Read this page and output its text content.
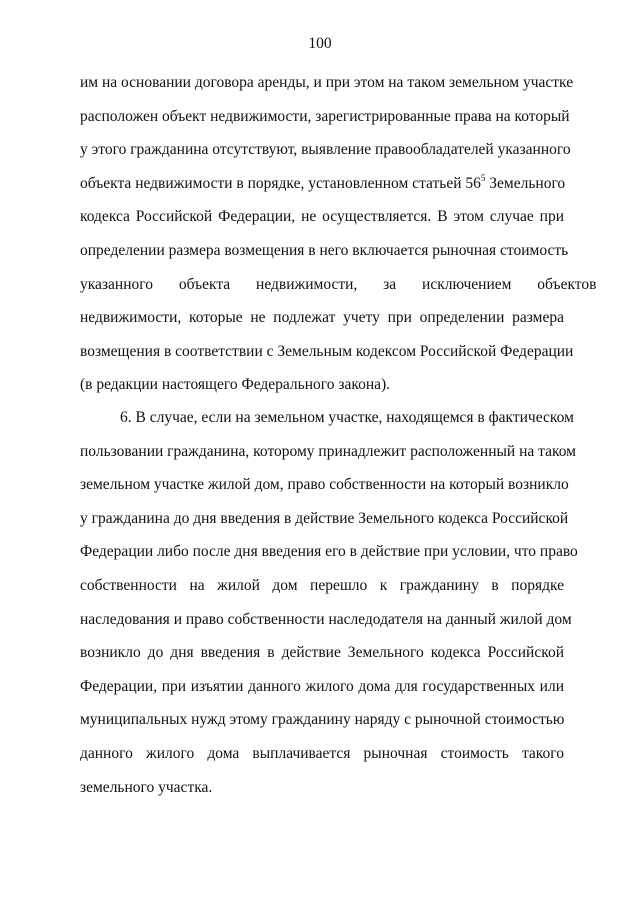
100
им на основании договора аренды, и при этом на таком земельном участке
расположен объект недвижимости, зарегистрированные права на который
у этого гражданина отсутствуют, выявление правообладателей указанного
объекта недвижимости в порядке, установленном статьей $56^5$ Земельного
кодекса Российской Федерации, не осуществляется. В этом случае при
определении размера возмещения в него включается рыночная стоимость
указанного объекта недвижимости, за исключением объектов
недвижимости, которые не подлежат учету при определении размера
возмещения в соответствии с Земельным кодексом Российской Федерации
(в редакции настоящего Федерального закона).
6. В случае, если на земельном участке, находящемся в фактическом
пользовании гражданина, которому принадлежит расположенный на таком
земельном участке жилой дом, право собственности на который возникло
у гражданина до дня введения в действие Земельного кодекса Российской
Федерации либо после дня введения его в действие при условии, что право
собственности на жилой дом перешло к гражданину в порядке
наследования и право собственности наследодателя на данный жилой дом
возникло до дня введения в действие Земельного кодекса Российской
Федерации, при изъятии данного жилого дома для государственных или
муниципальных нужд этому гражданину наряду с рыночной стоимостью
данного жилого дома выплачивается рыночная стоимость такого
земельного участка.
